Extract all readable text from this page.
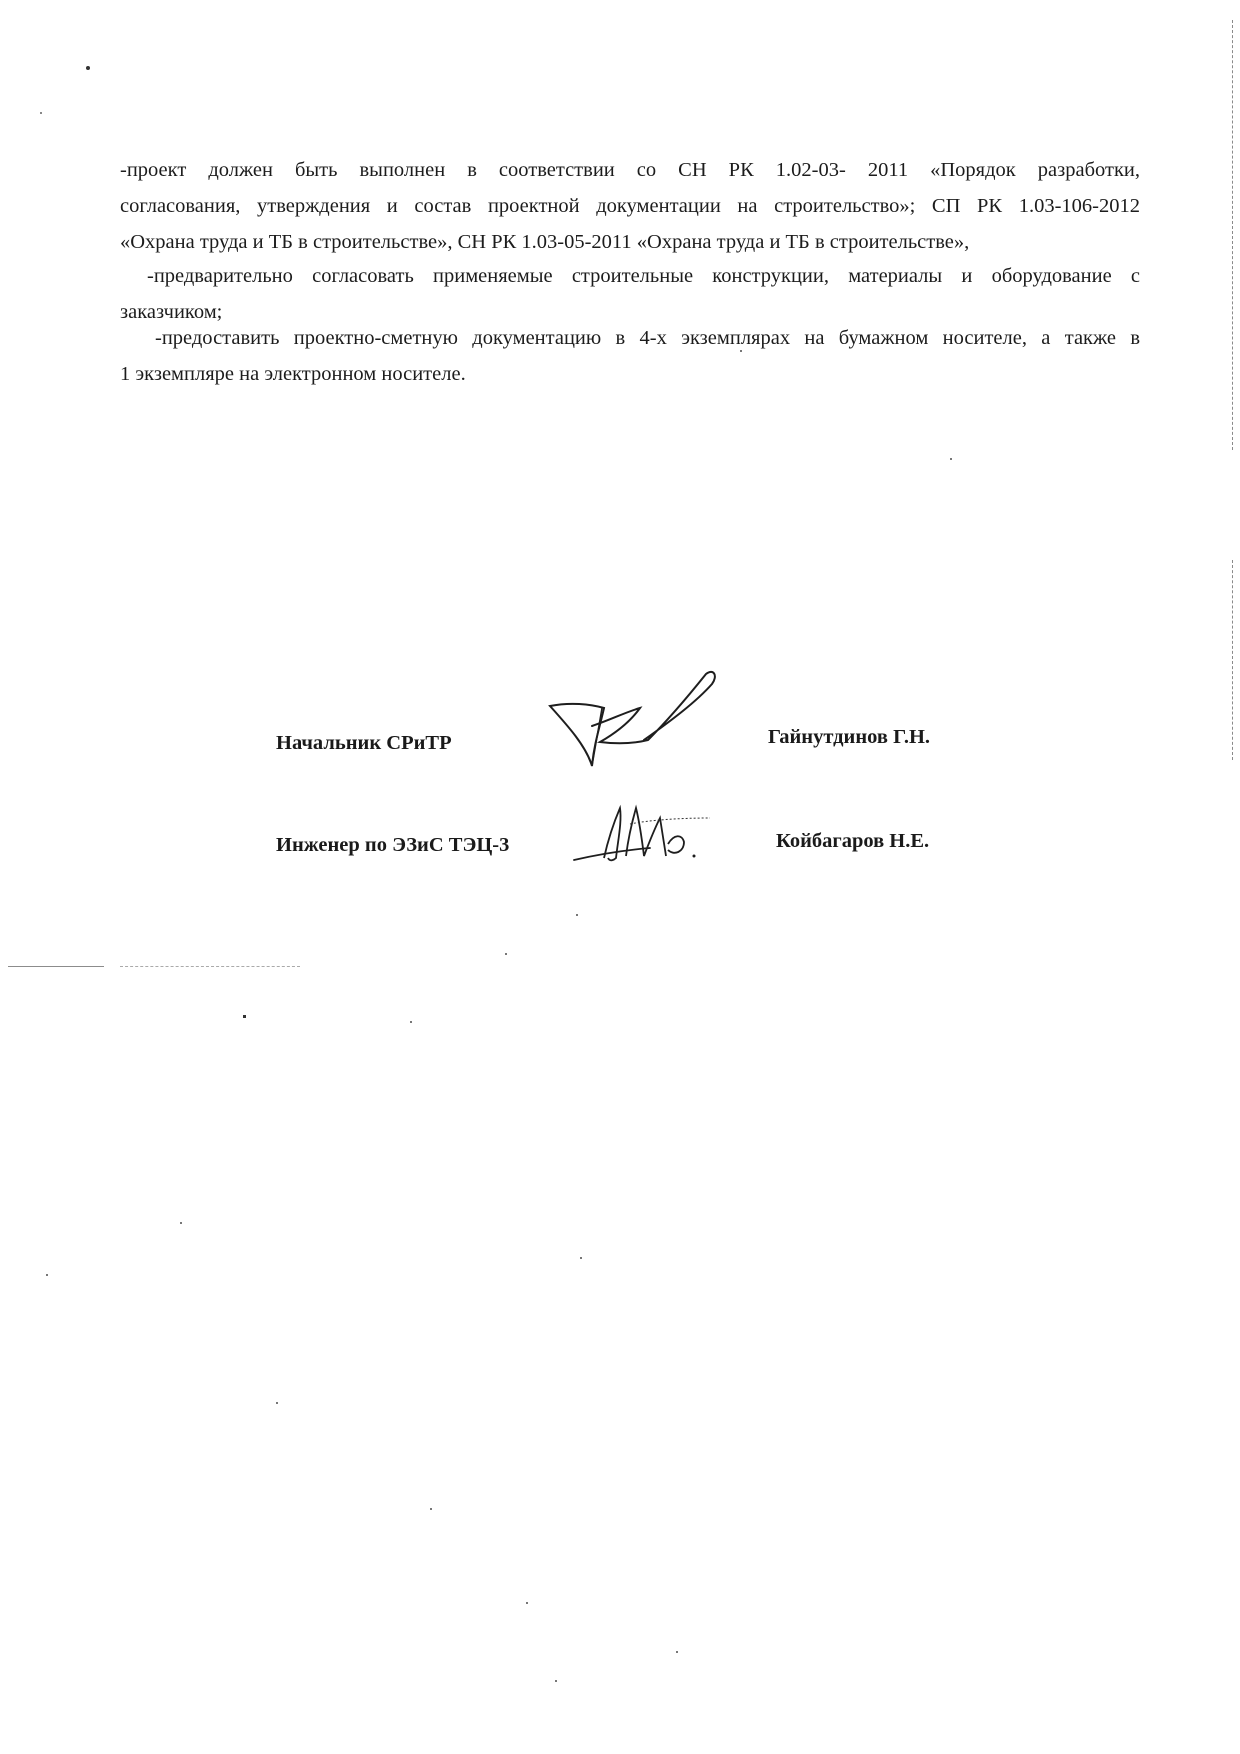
-проект должен быть выполнен в соответствии со СН РК 1.02-03- 2011 «Порядок разработки,
согласования, утверждения и состав проектной документации на строительство»; СП РК 1.03-106-2012
«Охрана труда и ТБ в строительстве», СН РК 1.03-05-2011 «Охрана труда и ТБ в строительстве»,
-предварительно согласовать применяемые строительные конструкции, материалы и оборудование с
заказчиком;
-предоставить проектно-сметную документацию в 4-х экземплярах на бумажном носителе, а также в
1 экземпляре на электронном носителе.
Начальник СРиТР	Гайнутдинов Г.Н.
Инженер по ЭЗиС ТЭЦ-3	Койбагаров Н.Е.
